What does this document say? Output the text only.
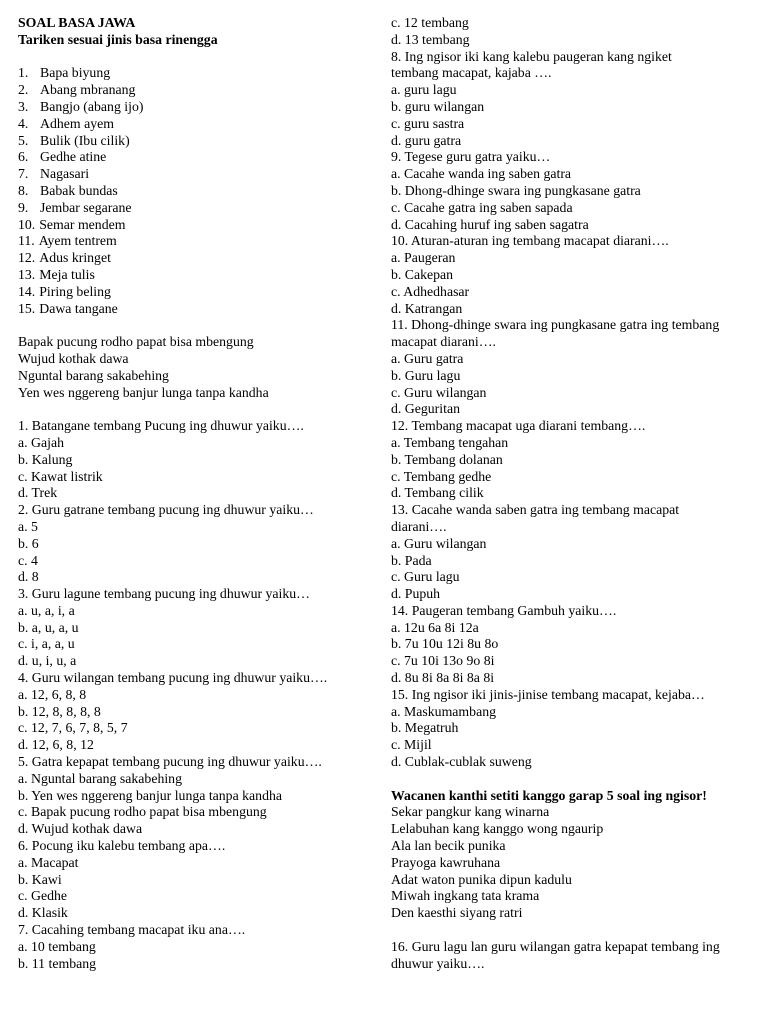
SOAL BASA JAWA
Tariken sesuai jinis basa rinengga
1. Bapa biyung
2. Abang mbranang
3. Bangjo (abang ijo)
4. Adhem ayem
5. Bulik (Ibu cilik)
6. Gedhe atine
7. Nagasari
8. Babak bundas
9. Jembar segarane
10. Semar mendem
11. Ayem tentrem
12. Adus kringet
13. Meja tulis
14. Piring beling
15. Dawa tangane
Bapak pucung rodho papat bisa mbengung
Wujud kothak dawa
Nguntal barang sakabehing
Yen wes nggereng banjur lunga tanpa kandha
1. Batangane tembang Pucung ing dhuwur yaiku….
a. Gajah
b. Kalung
c. Kawat listrik
d. Trek
2. Guru gatrane tembang pucung ing dhuwur yaiku…
a. 5
b. 6
c. 4
d. 8
3. Guru lagune tembang pucung ing dhuwur yaiku…
a. u, a, i, a
b. a, u, a, u
c. i, a, a, u
d. u, i, u, a
4. Guru wilangan tembang pucung ing dhuwur yaiku….
a. 12, 6, 8, 8
b. 12, 8, 8, 8, 8
c. 12, 7, 6, 7, 8, 5, 7
d. 12, 6, 8, 12
5. Gatra kepapat tembang pucung ing dhuwur yaiku….
a. Nguntal barang sakabehing
b. Yen wes nggereng banjur lunga tanpa kandha
c. Bapak pucung rodho papat bisa mbengung
d. Wujud kothak dawa
6. Pocung iku kalebu tembang apa….
a. Macapat
b. Kawi
c. Gedhe
d. Klasik
7. Cacahing tembang macapat iku ana….
a. 10 tembang
b. 11 tembang
c. 12 tembang
d. 13 tembang
8. Ing ngisor iki kang kalebu paugeran kang ngiket
tembang macapat, kajaba ….
a. guru lagu
b. guru wilangan
c. guru sastra
d. guru gatra
9. Tegese guru gatra yaiku…
a. Cacahe wanda ing saben gatra
b. Dhong-dhinge swara ing pungkasane gatra
c. Cacahe gatra ing saben sapada
d. Cacahing huruf ing saben sagatra
10. Aturan-aturan ing tembang macapat diarani….
a. Paugeran
b. Cakepan
c. Adhedhasar
d. Katrangan
11. Dhong-dhinge swara ing pungkasane gatra ing tembang
macapat diarani….
a. Guru gatra
b. Guru lagu
c. Guru wilangan
d. Geguritan
12. Tembang macapat uga diarani tembang….
a. Tembang tengahan
b. Tembang dolanan
c. Tembang gedhe
d. Tembang cilik
13. Cacahe wanda saben gatra ing tembang macapat
diarani….
a. Guru wilangan
b. Pada
c. Guru lagu
d. Pupuh
14. Paugeran tembang Gambuh yaiku….
a. 12u 6a 8i 12a
b. 7u 10u 12i 8u 8o
c. 7u 10i 13o 9o 8i
d. 8u 8i 8a 8i 8a 8i
15. Ing ngisor iki jinis-jinise tembang macapat, kejaba…
a. Maskumambang
b. Megatruh
c. Mijil
d. Cublak-cublak suweng
Wacanen kanthi setiti kanggo garap 5 soal ing ngisor!
Sekar pangkur kang winarna
Lelabuhan kang kanggo wong ngaurip
Ala lan becik punika
Prayoga kawruhana
Adat waton punika dipun kadulu
Miwah ingkang tata krama
Den kaesthi siyang ratri
16. Guru lagu lan guru wilangan gatra kepapat tembang ing
dhuwur yaiku….
